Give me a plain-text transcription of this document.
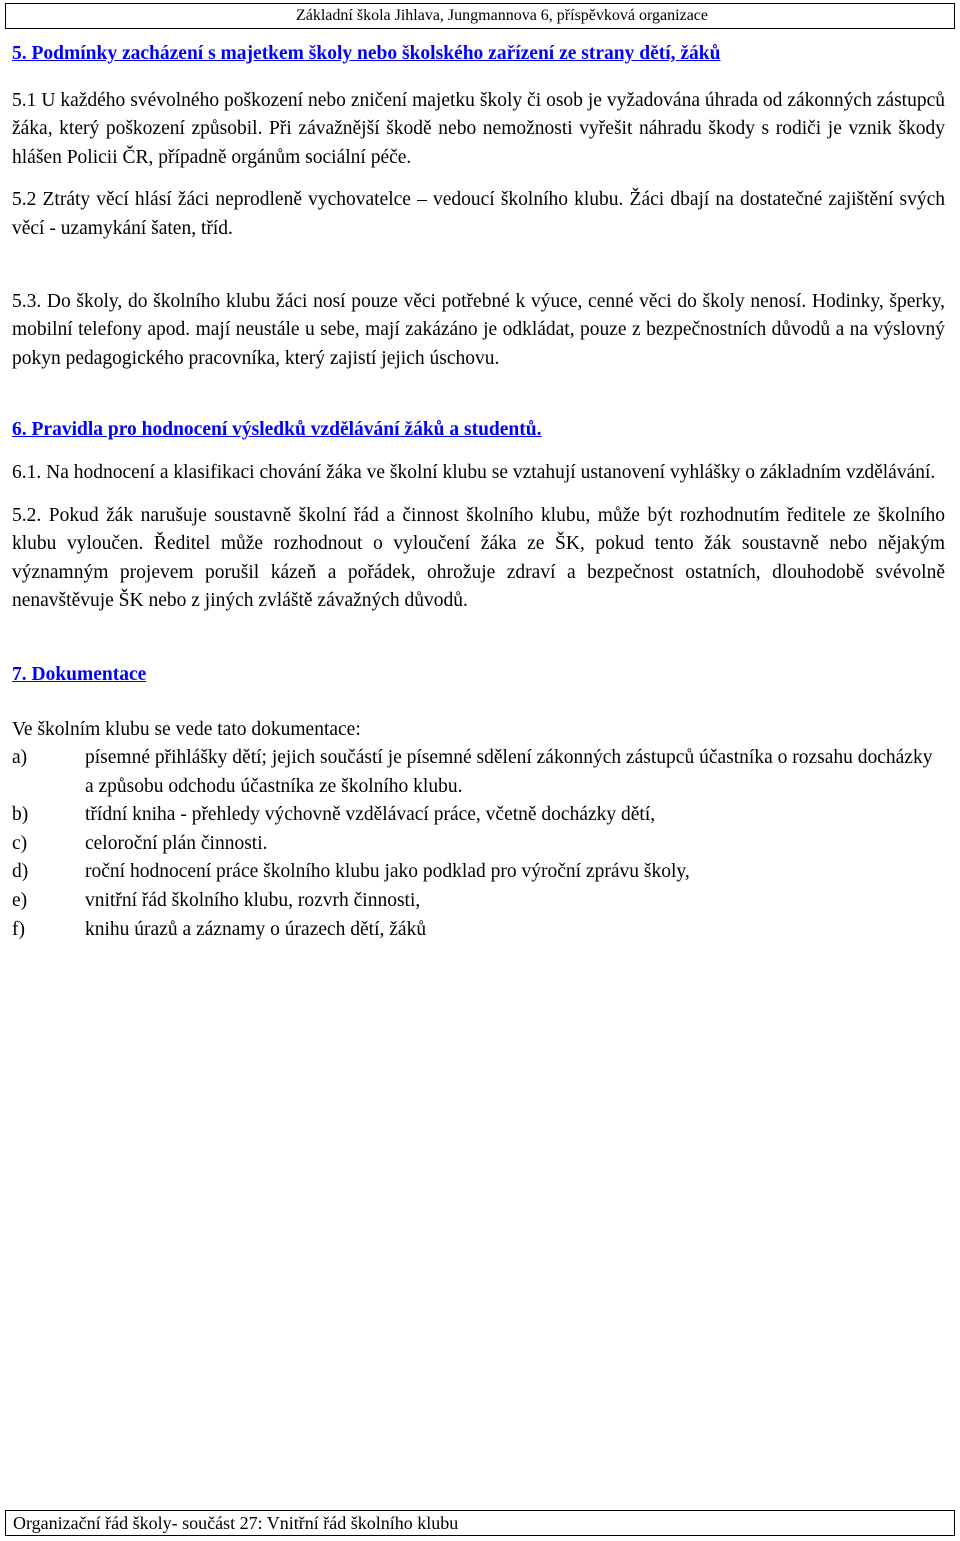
Základní škola Jihlava, Jungmannova 6, příspěvková organizace
5. Podmínky zacházení s majetkem školy nebo školského zařízení ze strany dětí, žáků

5.1 U každého svévolného poškození nebo zničení majetku školy či osob je vyžadována úhrada od zákonných zástupců žáka, který poškození způsobil. Při závažnější škodě nebo nemožnosti vyřešit náhradu škody s rodiči je vznik škody hlášen Policii ČR, případně orgánům sociální péče.

5.2 Ztráty věcí hlásí žáci neprodleně vychovatelce – vedoucí školního klubu. Žáci dbají na dostatečné zajištění svých věcí - uzamykání šaten, tříd.

5.3. Do školy, do školního klubu žáci nosí pouze věci potřebné k výuce, cenné věci do školy nenosí. Hodinky, šperky, mobilní telefony apod. mají neustále u sebe, mají zakázáno je odkládat, pouze z bezpečnostních důvodů a na výslovný pokyn pedagogického pracovníka, který zajistí jejich úschovu.

6. Pravidla pro hodnocení výsledků vzdělávání žáků a studentů.

6.1. Na hodnocení a klasifikaci chování žáka ve školní klubu se vztahují ustanovení vyhlášky o základním vzdělávání.

5.2. Pokud žák narušuje soustavně školní řád a činnost školního klubu, může být rozhodnutím ředitele ze školního klubu vyloučen. Ředitel může rozhodnout o vyloučení žáka ze ŠK, pokud tento žák soustavně nebo nějakým významným projevem porušil kázeň a pořádek, ohrožuje zdraví a bezpečnost ostatních, dlouhodobě svévolně nenavštěvuje ŠK nebo z jiných zvláště závažných důvodů.

7. Dokumentace

Ve školním klubu se vede tato dokumentace:

a)	písemné přihlášky dětí; jejich součástí je písemné sdělení zákonných zástupců účastníka o rozsahu docházky a způsobu odchodu účastníka ze školního klubu.
b)	třídní kniha - přehledy výchovně vzdělávací práce, včetně docházky dětí,
c)	celoroční plán činnosti.
d)	roční hodnocení práce školního klubu jako podklad pro výroční zprávu školy,
e)	vnitřní řád školního klubu, rozvrh činnosti,
f)	knihu úrazů a záznamy o úrazech dětí, žáků
Organizační řád školy- součást 27: Vnitřní řád školního klubu
